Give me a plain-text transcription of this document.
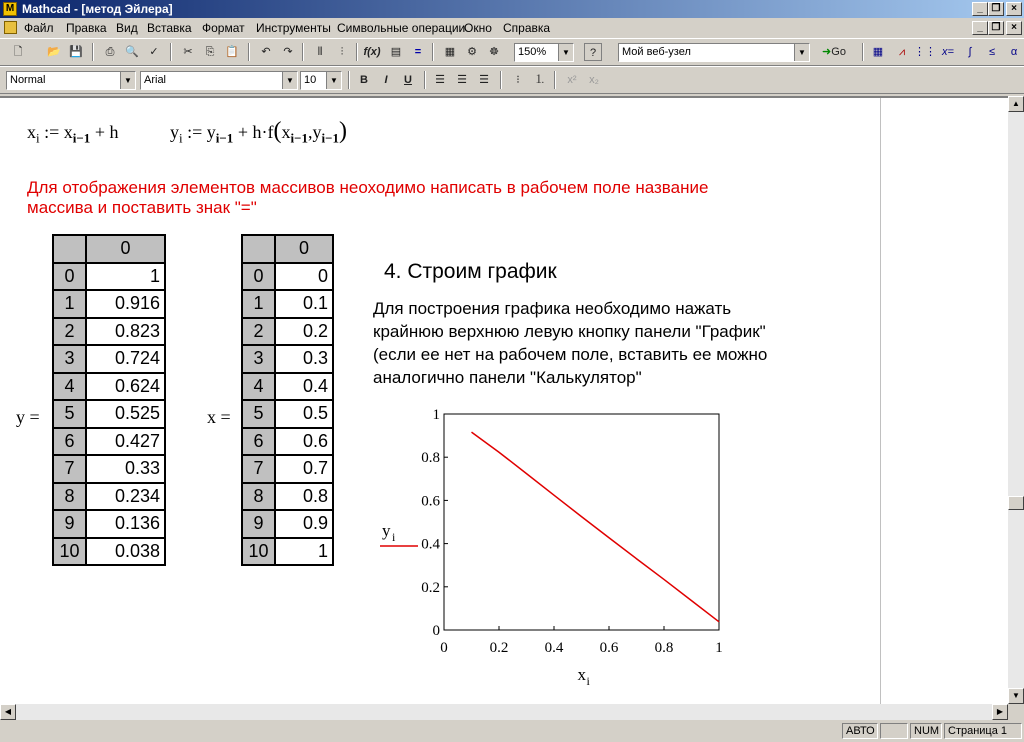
M Mathcad - [метод Эйлера]	_ ❐	×
Файл Правка Вид Вставка Формат Инструменты Символьные операции
Окно Справка	_ ❐	×
🗋	📂 💾	⎙ 🔍 ✓	✂	⎘ 📋	↶	↷	⫴	⫶	f(x) ▤	=	▦	⚙	☸	150%	▼	?	Мой веб-узел	▼	➜Go	▦	⩘ ⋮⋮ x=	∫	≤	α
Normal	▼	Arial	▼ 10	▼	B	I	U	☰	☰	☰	⁝	⒈	x²	x₂
$x_i$ := $x_{i-1} + h$	$y_i$ := $y_{i-1} + h\cdot f(x_{i-1},y_{i-1})$
Для отображения элементов массивов неоходимо написать в рабочем поле название
массива и поставить знак "="
y =
	0
0	1
1	0.916
2	0.823
3	0.724
4	0.624
5	0.525
6	0.427
7	0.33
8	0.234
9	0.136
10	0.038
x =
	0
0	0
1	0.1
2	0.2
3	0.3
4	0.4
5	0.5
6	0.6
7	0.7
8	0.8
9	0.9
10	1
4. Строим график
Для построения графика необходимо нажать
крайнюю верхнюю левую кнопку панели "График"
(если ее нет на рабочем поле, вставить ее можно
аналогично панели "Калькулятор"
0	0.2 0.4 0.6 0.8	1
0
0.2
0.4
0.6
0.8
1
x i
y i
▲
▼
◀	▶
АВТО	NUM Страница 1
